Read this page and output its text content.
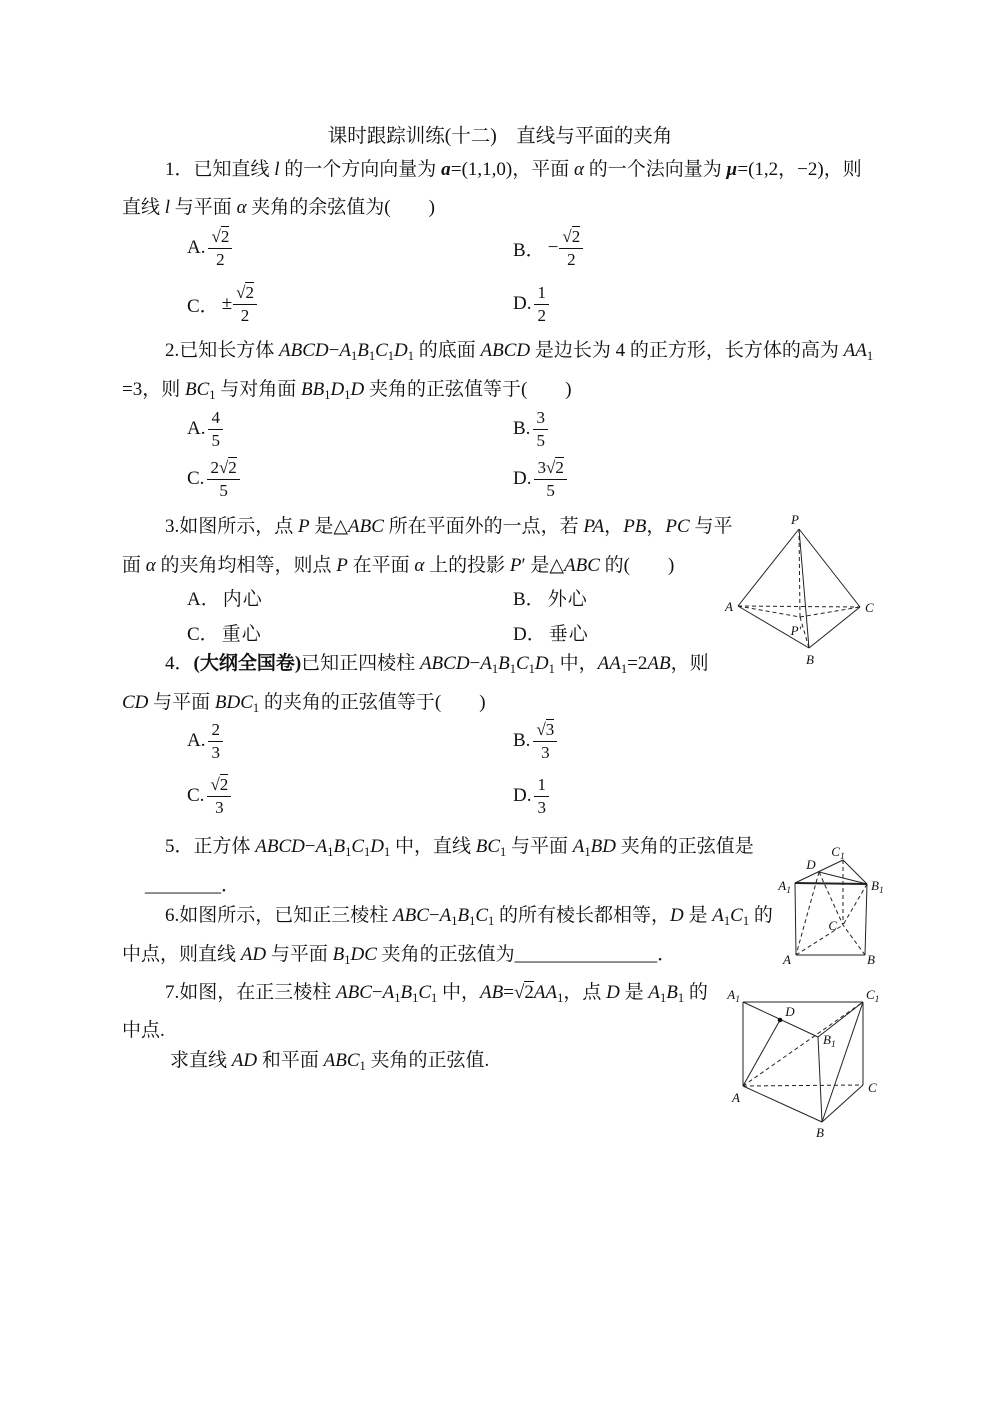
课时跟踪训练(十二)　直线与平面的夹角
1．已知直线 l 的一个方向向量为 a=(1,1,0)，平面 α 的一个法向量为 μ=(1,2，−2)，则
直线 l 与平面 α 夹角的余弦值为(　　)
A. $\frac{√2}{2}$	B． − $\frac{√2}{2}$
C． ± $\frac{√2}{2}$	D. $\frac{1}{2}$
2.已知长方体 $ABCD-A_1B_1C_1D_1$ 的底面 ABCD 是边长为 4 的正方形，长方体的高为 $AA_1$
=3，则 $BC_1$ 与对角面 $BB_1D_1D$ 夹角的正弦值等于(　　)
A. $\frac{4}{5}$	B. $\frac{3}{5}$
C. $\frac{2√2}{5}$	D. $\frac{3√2}{5}$
3.如图所示，点 P 是△ABC 所在平面外的一点，若 PA，PB，PC 与平
面 α 的夹角均相等，则点 P 在平面 α 上的投影 P′ 是△ABC 的(　　)
A． 内心	B． 外心
C． 重心	D． 垂心
P
A	C
B
P′
4．(大纲全国卷)已知正四棱柱 $ABCD-A_1B_1C_1D_1$ 中，$AA_1=2AB$，则
CD 与平面 $BDC_1$ 的夹角的正弦值等于(　　)
A. $\frac{2}{3}$	B. $\frac{√3}{3}$
C. $\frac{√2}{3}$	D. $\frac{1}{3}$
5．正方体 $ABCD-A_1B_1C_1D_1$ 中，直线 $BC_1$ 与平面 $A_1BD$ 夹角的正弦值是
________．
6.如图所示，已知正三棱柱 $ABC-A_1B_1C_1$ 的所有棱长都相等，D 是 $A_1C_1$ 的
中点，则直线 AD 与平面 $B_1DC$ 夹角的正弦值为_______________．
$A_1$
$C_1$
$B_1$
D
C
A	B
7.如图，在正三棱柱 $ABC-A_1B_1C_1$ 中，$AB=√2AA_1$，点 D 是 $A_1B_1$ 的
中点.
求直线 AD 和平面 $ABC_1$ 夹角的正弦值.
$A_1$	$C_1$
D
$B_1$
A
C
B
